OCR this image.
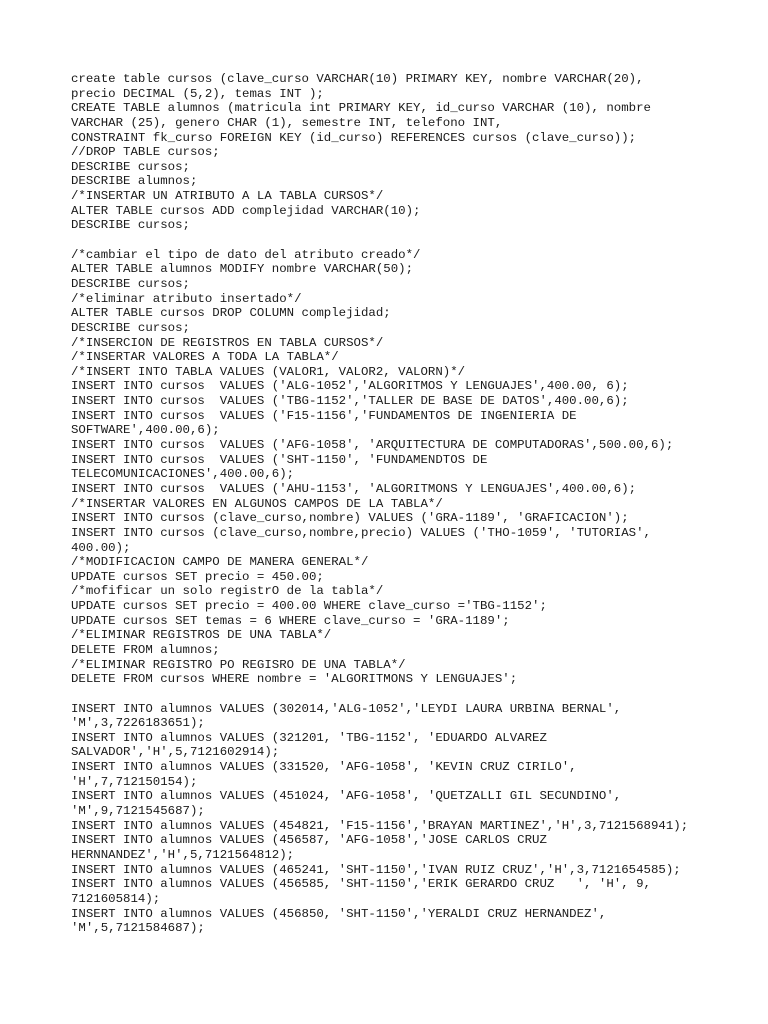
create table cursos (clave_curso VARCHAR(10) PRIMARY KEY, nombre VARCHAR(20),
precio DECIMAL (5,2), temas INT );
CREATE TABLE alumnos (matricula int PRIMARY KEY, id_curso VARCHAR (10), nombre
VARCHAR (25), genero CHAR (1), semestre INT, telefono INT,
CONSTRAINT fk_curso FOREIGN KEY (id_curso) REFERENCES cursos (clave_curso));
//DROP TABLE cursos;
DESCRIBE cursos;
DESCRIBE alumnos;
/*INSERTAR UN ATRIBUTO A LA TABLA CURSOS*/
ALTER TABLE cursos ADD complejidad VARCHAR(10);
DESCRIBE cursos;
/*cambiar el tipo de dato del atributo creado*/
ALTER TABLE alumnos MODIFY nombre VARCHAR(50);
DESCRIBE cursos;
/*eliminar atributo insertado*/
ALTER TABLE cursos DROP COLUMN complejidad;
DESCRIBE cursos;
/*INSERCION DE REGISTROS EN TABLA CURSOS*/
/*INSERTAR VALORES A TODA LA TABLA*/
/*INSERT INTO TABLA VALUES (VALOR1, VALOR2, VALORN)*/
INSERT INTO cursos  VALUES ('ALG-1052','ALGORITMOS Y LENGUAJES',400.00, 6);
INSERT INTO cursos  VALUES ('TBG-1152','TALLER DE BASE DE DATOS',400.00,6);
INSERT INTO cursos  VALUES ('F15-1156','FUNDAMENTOS DE INGENIERIA DE
SOFTWARE',400.00,6);
INSERT INTO cursos  VALUES ('AFG-1058', 'ARQUITECTURA DE COMPUTADORAS',500.00,6);
INSERT INTO cursos  VALUES ('SHT-1150', 'FUNDAMENDTOS DE
TELECOMUNICACIONES',400.00,6);
INSERT INTO cursos  VALUES ('AHU-1153', 'ALGORITMONS Y LENGUAJES',400.00,6);
/*INSERTAR VALORES EN ALGUNOS CAMPOS DE LA TABLA*/
INSERT INTO cursos (clave_curso,nombre) VALUES ('GRA-1189', 'GRAFICACION');
INSERT INTO cursos (clave_curso,nombre,precio) VALUES ('THO-1059', 'TUTORIAS',
400.00);
/*MODIFICACION CAMPO DE MANERA GENERAL*/
UPDATE cursos SET precio = 450.00;
/*mofificar un solo registrO de la tabla*/
UPDATE cursos SET precio = 400.00 WHERE clave_curso ='TBG-1152';
UPDATE cursos SET temas = 6 WHERE clave_curso = 'GRA-1189';
/*ELIMINAR REGISTROS DE UNA TABLA*/
DELETE FROM alumnos;
/*ELIMINAR REGISTRO PO REGISRO DE UNA TABLA*/
DELETE FROM cursos WHERE nombre = 'ALGORITMONS Y LENGUAJES';
INSERT INTO alumnos VALUES (302014,'ALG-1052','LEYDI LAURA URBINA BERNAL',
'M',3,7226183651);
INSERT INTO alumnos VALUES (321201, 'TBG-1152', 'EDUARDO ALVAREZ
SALVADOR','H',5,7121602914);
INSERT INTO alumnos VALUES (331520, 'AFG-1058', 'KEVIN CRUZ CIRILO',
'H',7,712150154);
INSERT INTO alumnos VALUES (451024, 'AFG-1058', 'QUETZALLI GIL SECUNDINO',
'M',9,7121545687);
INSERT INTO alumnos VALUES (454821, 'F15-1156','BRAYAN MARTINEZ','H',3,7121568941);
INSERT INTO alumnos VALUES (456587, 'AFG-1058','JOSE CARLOS CRUZ
HERNNANDEZ','H',5,7121564812);
INSERT INTO alumnos VALUES (465241, 'SHT-1150','IVAN RUIZ CRUZ','H',3,7121654585);
INSERT INTO alumnos VALUES (456585, 'SHT-1150','ERIK GERARDO CRUZ   ', 'H', 9,
7121605814);
INSERT INTO alumnos VALUES (456850, 'SHT-1150','YERALDI CRUZ HERNANDEZ',
'M',5,7121584687);
